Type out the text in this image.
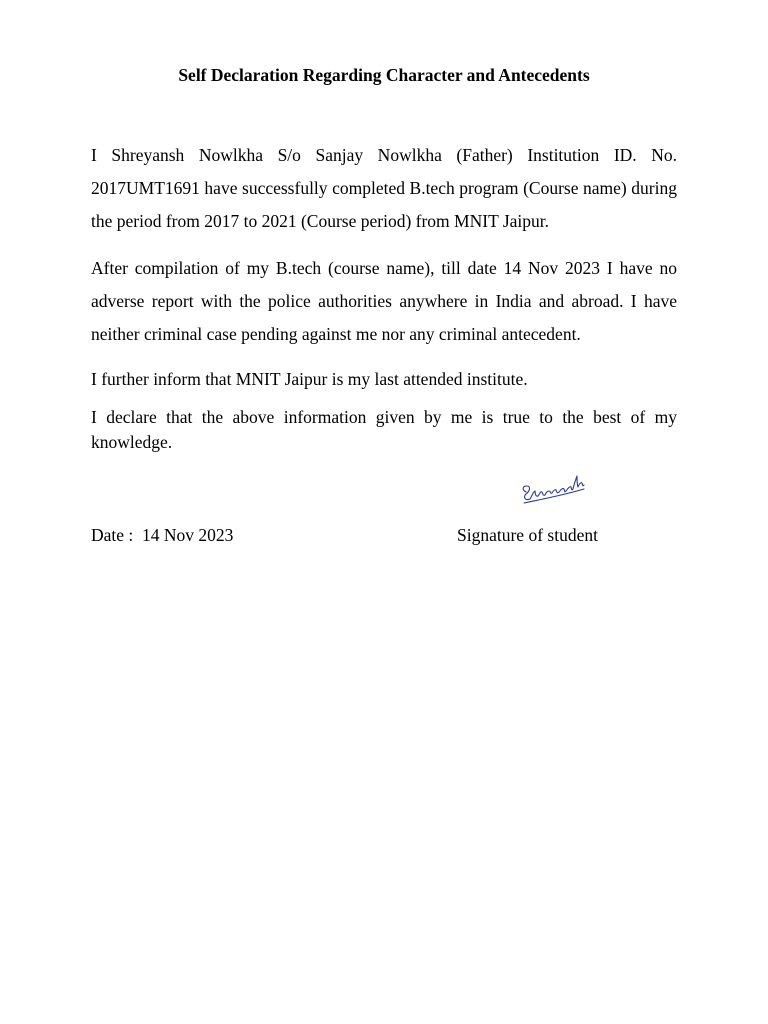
Self Declaration Regarding Character and Antecedents

I Shreyansh Nowlkha S/o Sanjay Nowlkha (Father) Institution ID. No. 2017UMT1691 have successfully completed B.tech program (Course name) during the period from 2017 to 2021 (Course period) from MNIT Jaipur.

After compilation of my B.tech (course name), till date 14 Nov 2023 I have no adverse report with the police authorities anywhere in India and abroad. I have neither criminal case pending against me nor any criminal antecedent.

I further inform that MNIT Jaipur is my last attended institute.

I declare that the above information given by me is true to the best of my knowledge.

Date :  14 Nov 2023	Signature of student
